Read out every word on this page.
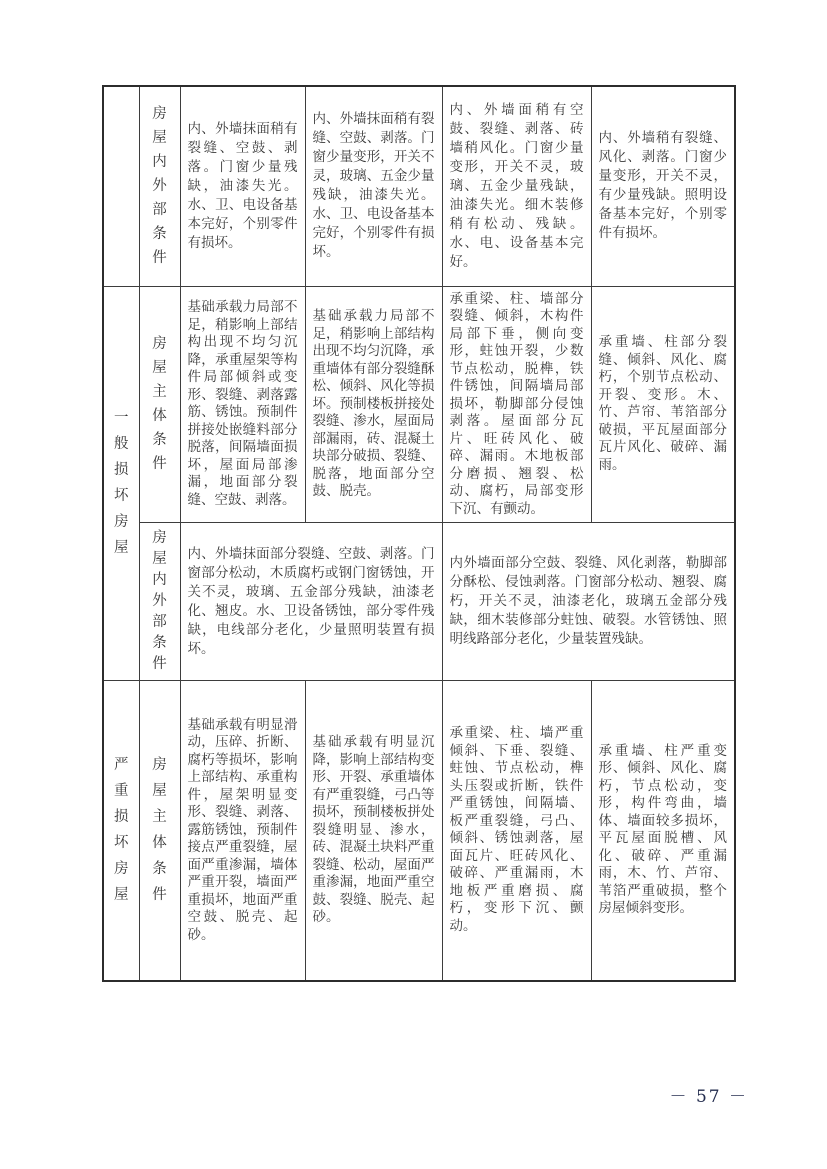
	房屋内外部条件	内、外墙抹面稍有裂缝、空鼓、剥落。门窗少量残缺，油漆失光。水、卫、电设备基本完好，个别零件有损坏。	内、外墙抹面稍有裂缝、空鼓、剥落。门窗少量变形，开关不灵，玻璃、五金少量残缺，油漆失光。水、卫、电设备基本完好，个别零件有损坏。	内、外墙面稍有空鼓、裂缝、剥落、砖墙稍风化。门窗少量变形，开关不灵，玻璃、五金少量残缺，油漆失光。细木装修稍有松动、残缺。水、电、设备基本完好。	内、外墙稍有裂缝、风化、剥落。门窗少量变形，开关不灵，有少量残缺。照明设备基本完好，个别零件有损坏。

一般损坏房屋	房屋主体条件	基础承载力局部不足，稍影响上部结构出现不均匀沉降，承重屋架等构件局部倾斜或变形、裂缝、剥落露筋、锈蚀。预制件拼接处嵌缝料部分脱落，间隔墙面损坏，屋面局部渗漏，地面部分裂缝、空鼓、剥落。	基础承载力局部不足，稍影响上部结构出现不均匀沉降，承重墙体有部分裂缝酥松、倾斜、风化等损坏。预制楼板拼接处裂缝、渗水，屋面局部漏雨，砖、混凝土块部分破损、裂缝、脱落，地面部分空鼓、脱壳。	承重梁、柱、墙部分裂缝、倾斜，木构件局部下垂，侧向变形，蛀蚀开裂，少数节点松动，脱榫，铁件锈蚀，间隔墙局部损坏，勒脚部分侵蚀剥落。屋面部分瓦片、旺砖风化、破碎、漏雨。木地板部分磨损、翘裂、松动、腐朽，局部变形下沉、有颤动。	承重墙、柱部分裂缝、倾斜、风化、腐朽，个别节点松动、开裂、变形。木、竹、芦帘、苇箔部分破损，平瓦屋面部分瓦片风化、破碎、漏雨。

	房屋内外部条件	内、外墙抹面部分裂缝、空鼓、剥落。门窗部分松动，木质腐朽或钢门窗锈蚀，开关不灵，玻璃、五金部分残缺，油漆老化、翘皮。水、卫设备锈蚀，部分零件残缺，电线部分老化，少量照明装置有损坏。		内外墙面部分空鼓、裂缝、风化剥落，勒脚部分酥松、侵蚀剥落。门窗部分松动、翘裂、腐朽，开关不灵，油漆老化，玻璃五金部分残缺，细木装修部分蛀蚀、破裂。水管锈蚀、照明线路部分老化，少量装置残缺。	

严重损坏房屋	房屋主体条件	基础承载有明显滑动，压碎、折断、腐朽等损坏，影响上部结构、承重构件，屋架明显变形、裂缝、剥落、露筋锈蚀，预制件接点严重裂缝，屋面严重渗漏，墙体严重开裂，墙面严重损坏，地面严重空鼓、脱壳、起砂。	基础承载有明显沉降，影响上部结构变形、开裂、承重墙体有严重裂缝，弓凸等损坏，预制楼板拼处裂缝明显、渗水，砖、混凝土块料严重裂缝、松动，屋面严重渗漏，地面严重空鼓、裂缝、脱壳、起砂。	承重梁、柱、墙严重倾斜、下垂、裂缝、蛀蚀、节点松动，榫头压裂或折断，铁件严重锈蚀，间隔墙、板严重裂缝，弓凸、倾斜、锈蚀剥落，屋面瓦片、旺砖风化、破碎、严重漏雨，木地板严重磨损、腐朽，变形下沉、颤动。	承重墙、柱严重变形、倾斜、风化、腐朽，节点松动，变形，构件弯曲，墙体、墙面较多损坏，平瓦屋面脱槽、风化、破碎、严重漏雨，木、竹、芦帘、苇箔严重破损，整个房屋倾斜变形。
－ 57 －
